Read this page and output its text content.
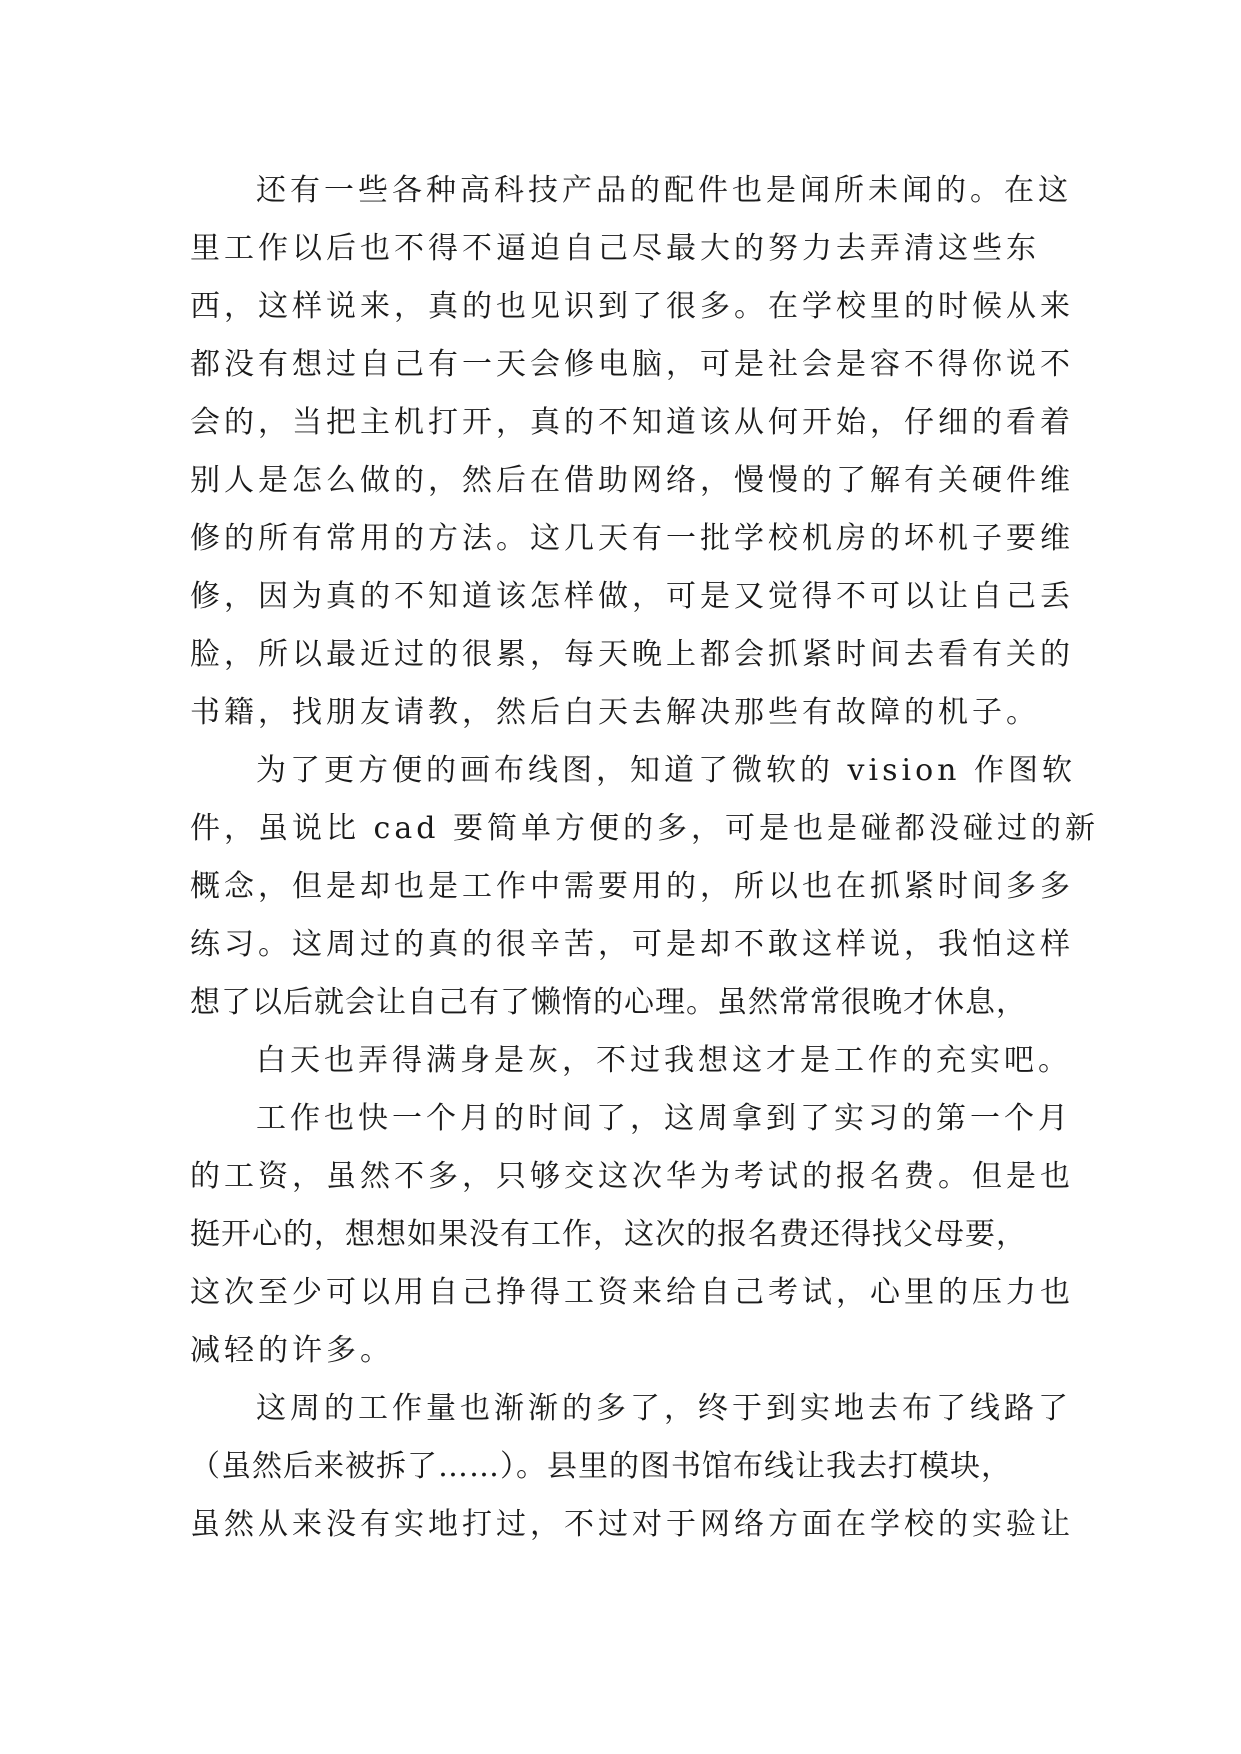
还有一些各种高科技产品的配件也是闻所未闻的。在这
里工作以后也不得不逼迫自己尽最大的努力去弄清这些东
西，这样说来，真的也见识到了很多。在学校里的时候从来
都没有想过自己有一天会修电脑，可是社会是容不得你说不
会的，当把主机打开，真的不知道该从何开始，仔细的看着
别人是怎么做的，然后在借助网络，慢慢的了解有关硬件维
修的所有常用的方法。这几天有一批学校机房的坏机子要维
修，因为真的不知道该怎样做，可是又觉得不可以让自己丢
脸，所以最近过的很累，每天晚上都会抓紧时间去看有关的
书籍，找朋友请教，然后白天去解决那些有故障的机子。
为了更方便的画布线图，知道了微软的 vision 作图软
件，虽说比 cad 要简单方便的多，可是也是碰都没碰过的新
概念，但是却也是工作中需要用的，所以也在抓紧时间多多
练习。这周过的真的很辛苦，可是却不敢这样说，我怕这样
想了以后就会让自己有了懒惰的心理。虽然常常很晚才休息，
白天也弄得满身是灰，不过我想这才是工作的充实吧。
工作也快一个月的时间了，这周拿到了实习的第一个月
的工资，虽然不多，只够交这次华为考试的报名费。但是也
挺开心的，想想如果没有工作，这次的报名费还得找父母要，
这次至少可以用自己挣得工资来给自己考试，心里的压力也
减轻的许多。
这周的工作量也渐渐的多了，终于到实地去布了线路了
（虽然后来被拆了……）。县里的图书馆布线让我去打模块，
虽然从来没有实地打过，不过对于网络方面在学校的实验让
